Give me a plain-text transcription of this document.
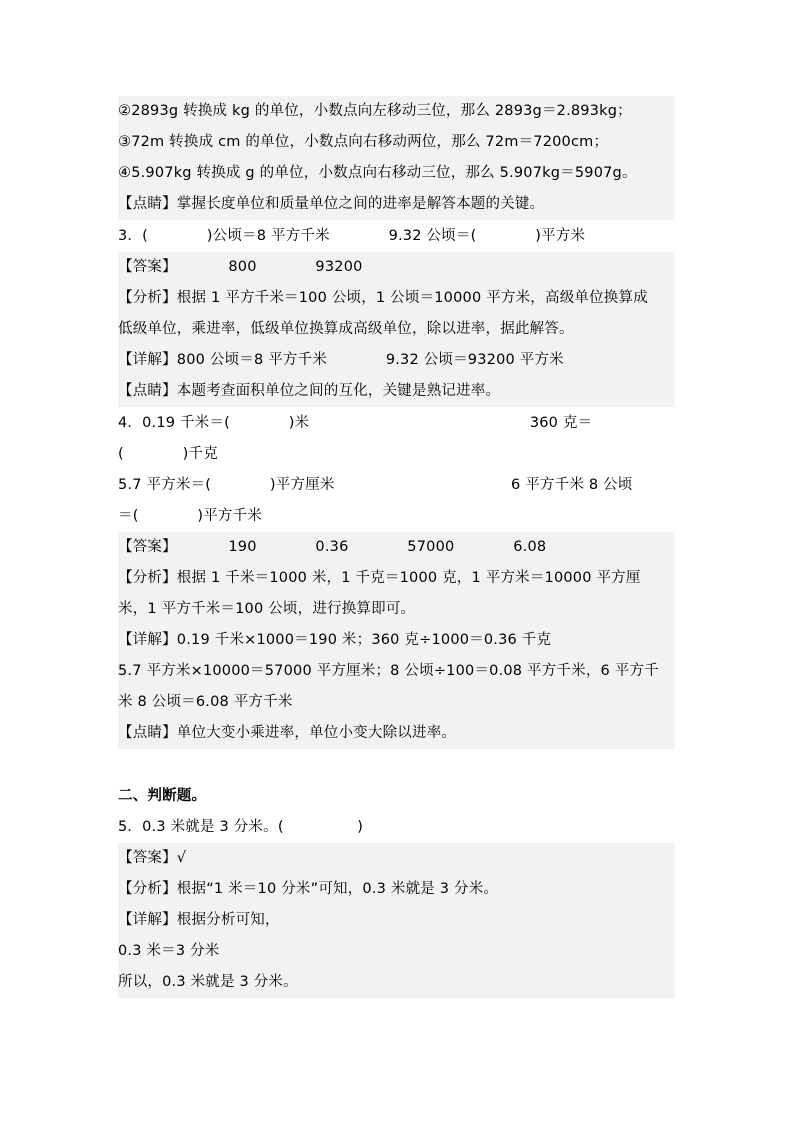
②2893g 转换成 kg 的单位，小数点向左移动三位，那么 2893g＝2.893kg；
③72m 转换成 cm 的单位，小数点向右移动两位，那么 72m＝7200cm；
④5.907kg 转换成 g 的单位，小数点向右移动三位，那么 5.907kg＝5907g。
【点睛】掌握长度单位和质量单位之间的进率是解答本题的关键。
3．(　　　　)公顷＝8 平方千米　　　　9.32 公顷＝(　　　　)平方米
【答案】　　　　800　　　　93200
【分析】根据 1 平方千米＝100 公顷，1 公顷＝10000 平方米，高级单位换算成
低级单位，乘进率，低级单位换算成高级单位，除以进率，据此解答。
【详解】800 公顷＝8 平方千米　　　　9.32 公顷＝93200 平方米
【点睛】本题考查面积单位之间的互化，关键是熟记进率。
4．0.19 千米＝(　　　　)米　　　　　　　　　　　　　　　360 克＝
(　　　　)千克
5.7 平方米＝(　　　　)平方厘米　　　　　　　　　　　　6 平方千米 8 公顷
＝(　　　　)平方千米
【答案】　　　　190　　　　0.36　　　　57000　　　　6.08
【分析】根据 1 千米＝1000 米，1 千克＝1000 克，1 平方米＝10000 平方厘
米，1 平方千米＝100 公顷，进行换算即可。
【详解】0.19 千米×1000＝190 米；360 克÷1000＝0.36 千克
5.7 平方米×10000＝57000 平方厘米；8 公顷÷100＝0.08 平方千米，6 平方千
米 8 公顷＝6.08 平方千米
【点睛】单位大变小乘进率，单位小变大除以进率。
二、判断题。
5．0.3 米就是 3 分米。(　　　　　)
【答案】√
【分析】根据“1 米＝10 分米”可知，0.3 米就是 3 分米。
【详解】根据分析可知，
0.3 米＝3 分米
所以，0.3 米就是 3 分米。
